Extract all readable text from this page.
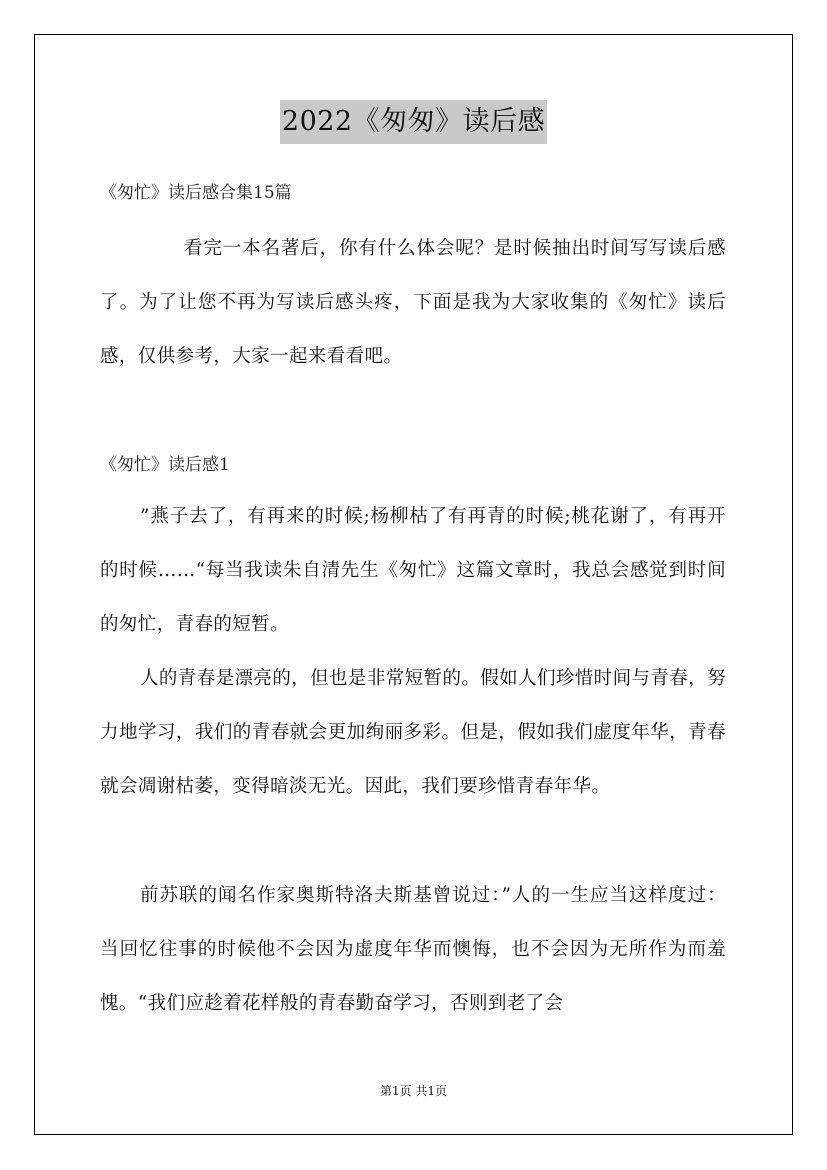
2022《匆匆》读后感
《匆忙》读后感合集15篇
看完一本名著后，你有什么体会呢？是时候抽出时间写写读后感了。为了让您不再为写读后感头疼，下面是我为大家收集的《匆忙》读后感，仅供参考，大家一起来看看吧。
《匆忙》读后感1
”燕子去了，有再来的时候;杨柳枯了有再青的时候;桃花谢了，有再开的时候……“每当我读朱自清先生《匆忙》这篇文章时，我总会感觉到时间的匆忙，青春的短暂。
人的青春是漂亮的，但也是非常短暂的。假如人们珍惜时间与青春，努力地学习，我们的青春就会更加绚丽多彩。但是，假如我们虚度年华，青春就会凋谢枯萎，变得暗淡无光。因此，我们要珍惜青春年华。
前苏联的闻名作家奥斯特洛夫斯基曾说过：”人的一生应当这样度过：当回忆往事的时候他不会因为虚度年华而懊悔，也不会因为无所作为而羞愧。“我们应趁着花样般的青春勤奋学习，否则到老了会
第1页 共1页
